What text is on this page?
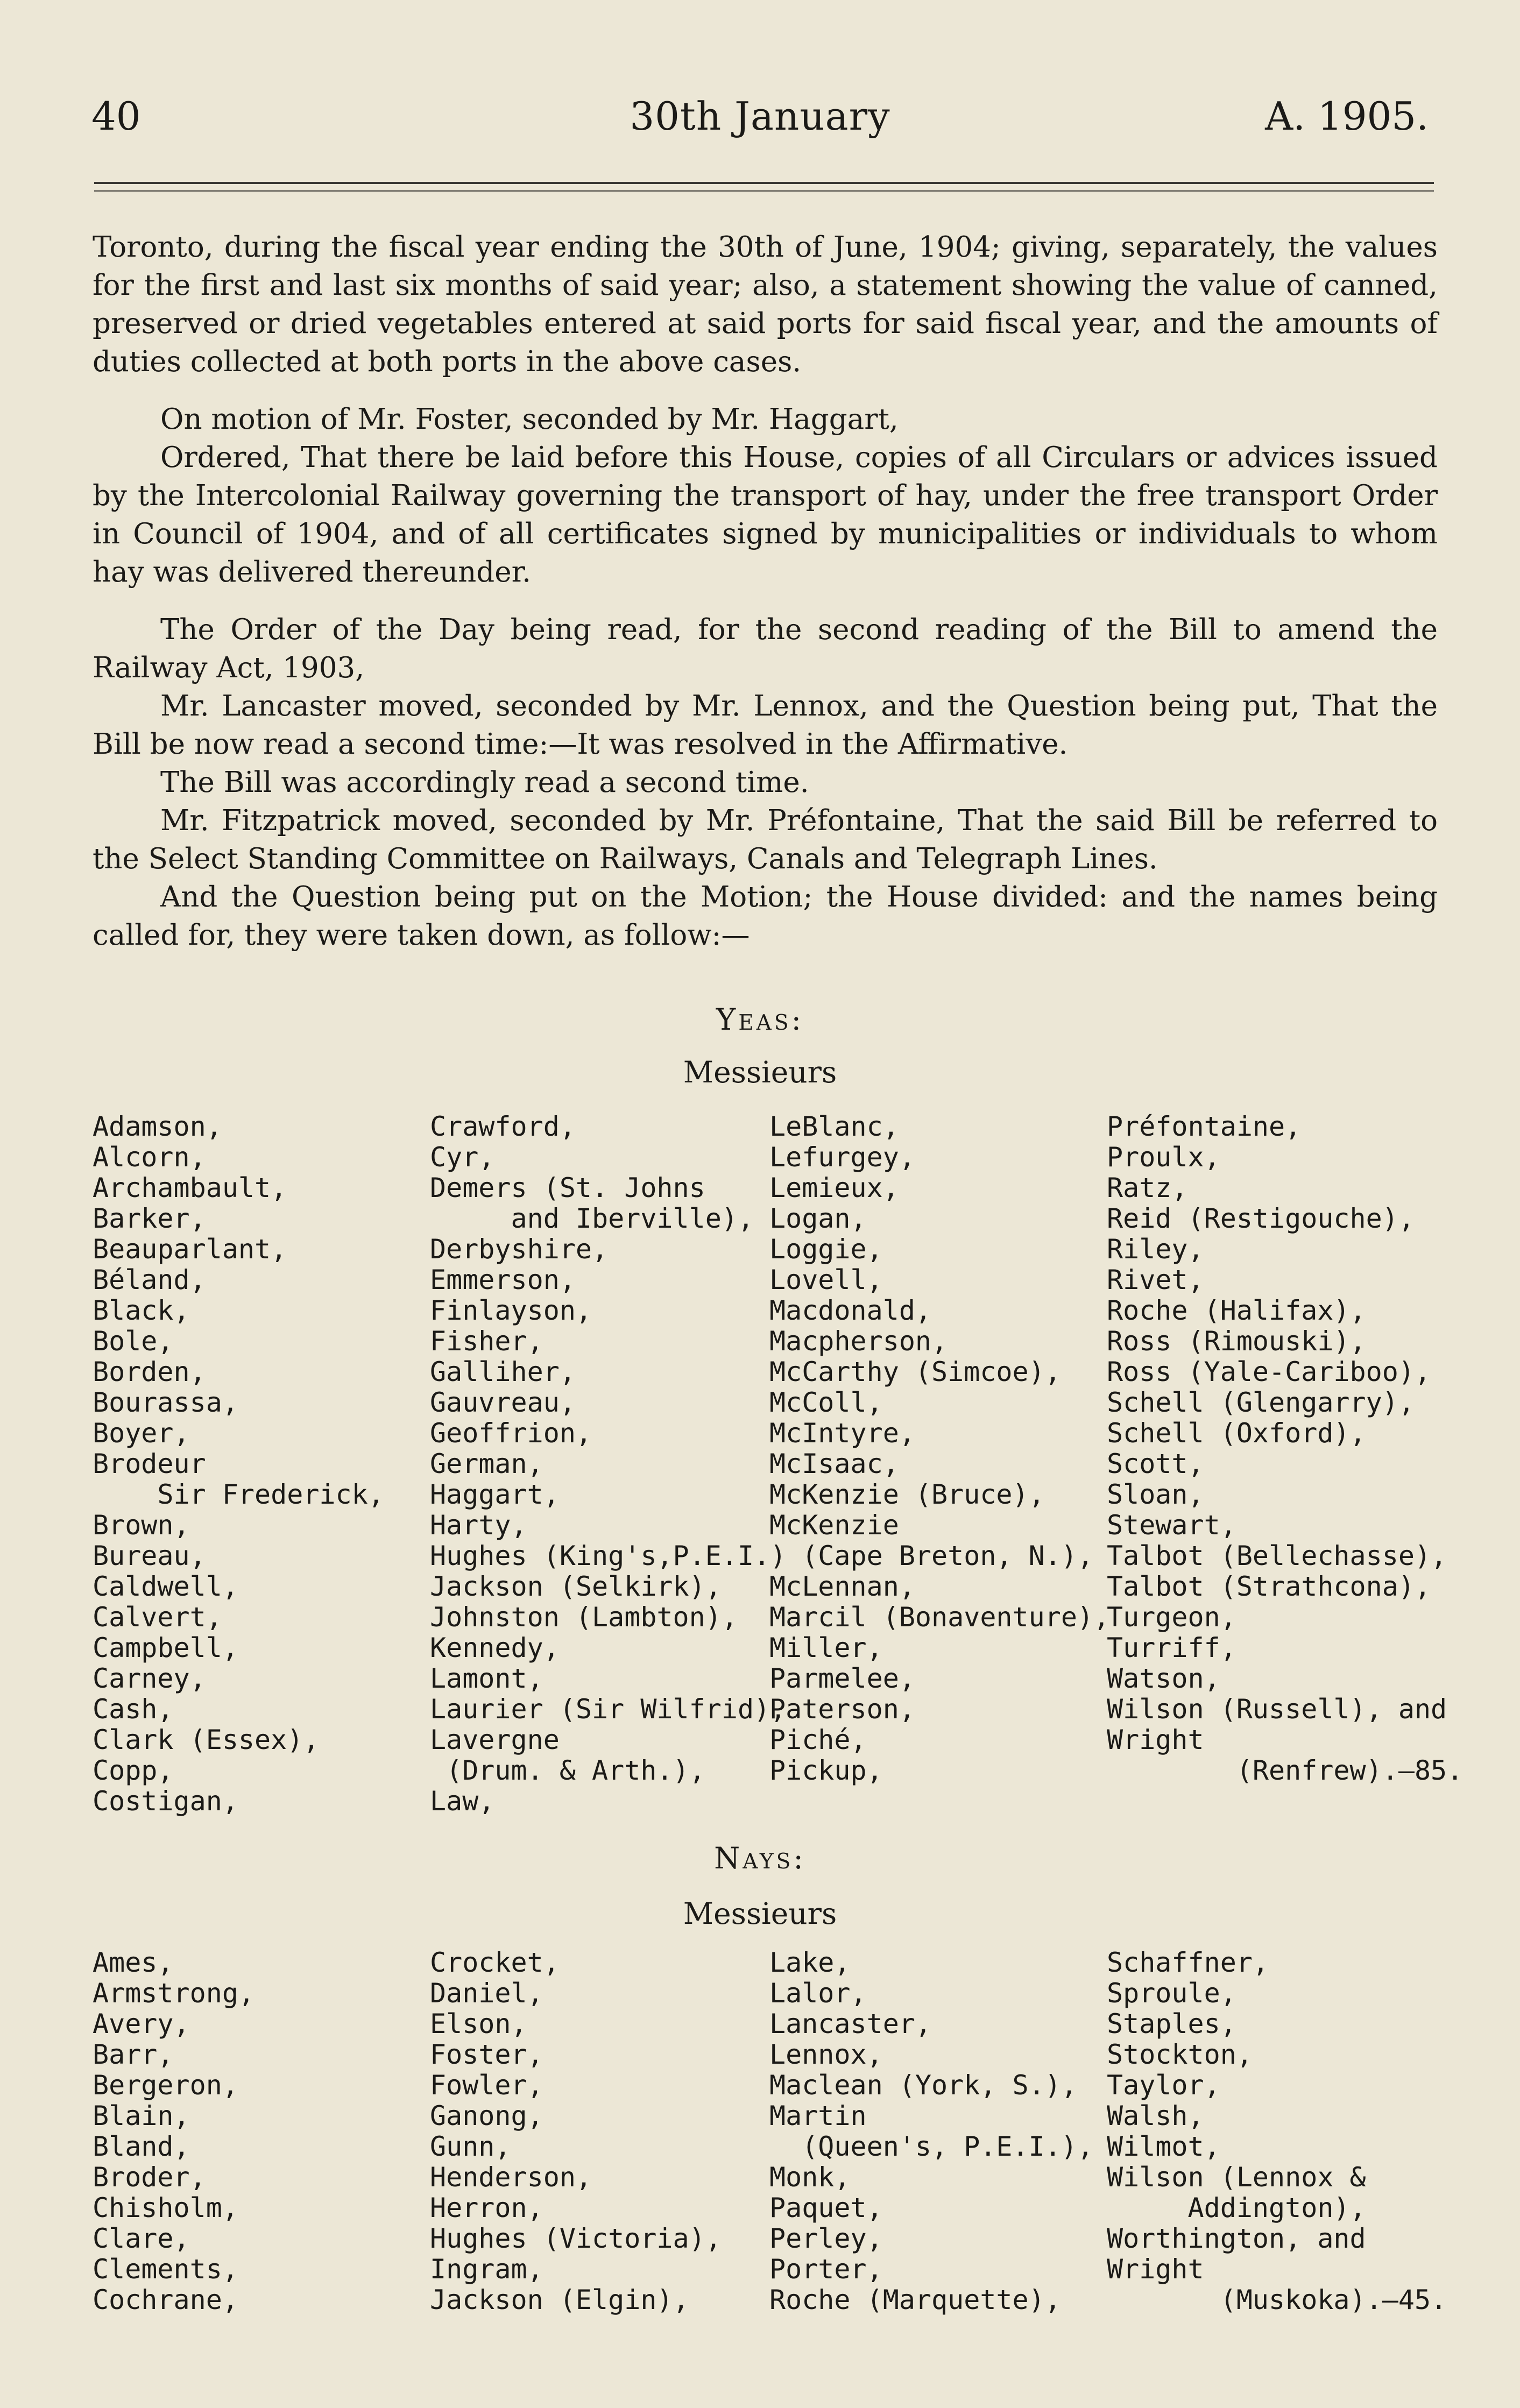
40	30th January	A. 1905.

Toronto, during the fiscal year ending the 30th of June, 1904; giving, separately, the values for the first and last six months of said year; also, a statement showing the value of canned, preserved or dried vegetables entered at said ports for said fiscal year, and the amounts of duties collected at both ports in the above cases.

On motion of Mr. Foster, seconded by Mr. Haggart,

Ordered, That there be laid before this House, copies of all Circulars or advices issued by the Intercolonial Railway governing the transport of hay, under the free transport Order in Council of 1904, and of all certificates signed by municipalities or individuals to whom hay was delivered thereunder.

The Order of the Day being read, for the second reading of the Bill to amend the Railway Act, 1903,

Mr. Lancaster moved, seconded by Mr. Lennox, and the Question being put, That the Bill be now read a second time:—It was resolved in the Affirmative.

The Bill was accordingly read a second time.

Mr. Fitzpatrick moved, seconded by Mr. Préfontaine, That the said Bill be referred to the Select Standing Committee on Railways, Canals and Telegraph Lines.

And the Question being put on the Motion; the House divided: and the names being called for, they were taken down, as follow:—

Yeas:
Messieurs
Adamson,
Alcorn,
Archambault,
Barker,
Beauparlant,
Béland,
Black,
Bole,
Borden,
Bourassa,
Boyer,
Brodeur
Sir Frederick,
Brown,
Bureau,
Caldwell,
Calvert,
Campbell,
Carney,
Cash,
Clark (Essex),
Copp,
Costigan,
Crawford,
Cyr,
Demers (St. Johns
and Iberville),
Derbyshire,
Emmerson,
Finlayson,
Fisher,
Galliher,
Gauvreau,
Geoffrion,
German,
Haggart,
Harty,
Hughes (King's,P.E.I.)
Jackson (Selkirk),
Johnston (Lambton),
Kennedy,
Lamont,
Laurier (Sir Wilfrid),
Lavergne
(Drum. & Arth.),
Law,
LeBlanc,
Lefurgey,
Lemieux,
Logan,
Loggie,
Lovell,
Macdonald,
Macpherson,
McCarthy (Simcoe),
McColl,
McIntyre,
McIsaac,
McKenzie (Bruce),
McKenzie
(Cape Breton, N.),
McLennan,
Marcil (Bonaventure),
Miller,
Parmelee,
Paterson,
Piché,
Pickup,
Préfontaine,
Proulx,
Ratz,
Reid (Restigouche),
Riley,
Rivet,
Roche (Halifax),
Ross (Rimouski),
Ross (Yale-Cariboo),
Schell (Glengarry),
Schell (Oxford),
Scott,
Sloan,
Stewart,
Talbot (Bellechasse),
Talbot (Strathcona),
Turgeon,
Turriff,
Watson,
Wilson (Russell), and
Wright
(Renfrew).—85.
Nays:
Messieurs
Ames,
Armstrong,
Avery,
Barr,
Bergeron,
Blain,
Bland,
Broder,
Chisholm,
Clare,
Clements,
Cochrane,
Crocket,
Daniel,
Elson,
Foster,
Fowler,
Ganong,
Gunn,
Henderson,
Herron,
Hughes (Victoria),
Ingram,
Jackson (Elgin),
Lake,
Lalor,
Lancaster,
Lennox,
Maclean (York, S.),
Martin
(Queen's, P.E.I.),
Monk,
Paquet,
Perley,
Porter,
Roche (Marquette),
Schaffner,
Sproule,
Staples,
Stockton,
Taylor,
Walsh,
Wilmot,
Wilson (Lennox &
Addington),
Worthington, and
Wright
(Muskoka).—45.
